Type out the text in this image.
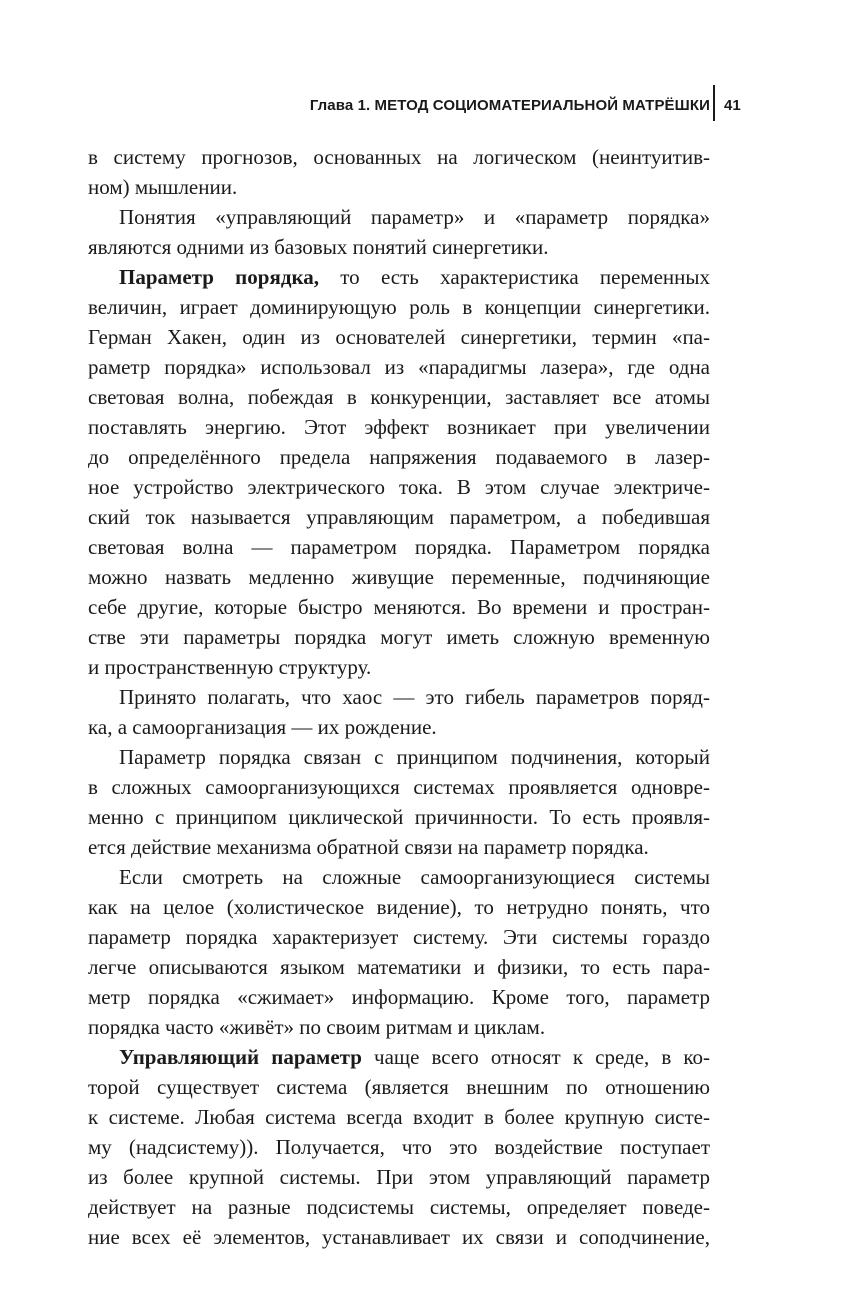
Глава 1. МЕТОД СОЦИОМАТЕРИАЛЬНОЙ МАТРЁШКИ 41
в систему прогнозов, основанных на логическом (неинтуитив-
ном) мышлении.
Понятия «управляющий параметр» и «параметр порядка»
являются одними из базовых понятий синергетики.
Параметр порядка, то есть характеристика переменных
величин, играет доминирующую роль в концепции синергетики.
Герман Хакен, один из основателей синергетики, термин «па-
раметр порядка» использовал из «парадигмы лазера», где одна
световая волна, побеждая в конкуренции, заставляет все атомы
поставлять энергию. Этот эффект возникает при увеличении
до определённого предела напряжения подаваемого в лазер-
ное устройство электрического тока. В этом случае электриче-
ский ток называется управляющим параметром, а победившая
световая волна — параметром порядка. Параметром порядка
можно назвать медленно живущие переменные, подчиняющие
себе другие, которые быстро меняются. Во времени и простран-
стве эти параметры порядка могут иметь сложную временную
и пространственную структуру.
Принято полагать, что хаос — это гибель параметров поряд-
ка, а самоорганизация — их рождение.
Параметр порядка связан с принципом подчинения, который
в сложных самоорганизующихся системах проявляется одновре-
менно с принципом циклической причинности. То есть проявля-
ется действие механизма обратной связи на параметр порядка.
Если смотреть на сложные самоорганизующиеся системы
как на целое (холистическое видение), то нетрудно понять, что
параметр порядка характеризует систему. Эти системы гораздо
легче описываются языком математики и физики, то есть пара-
метр порядка «сжимает» информацию. Кроме того, параметр
порядка часто «живёт» по своим ритмам и циклам.
Управляющий параметр чаще всего относят к среде, в ко-
торой существует система (является внешним по отношению
к системе. Любая система всегда входит в более крупную систе-
му (надсистему)). Получается, что это воздействие поступает
из более крупной системы. При этом управляющий параметр
действует на разные подсистемы системы, определяет поведе-
ние всех её элементов, устанавливает их связи и соподчинение,
